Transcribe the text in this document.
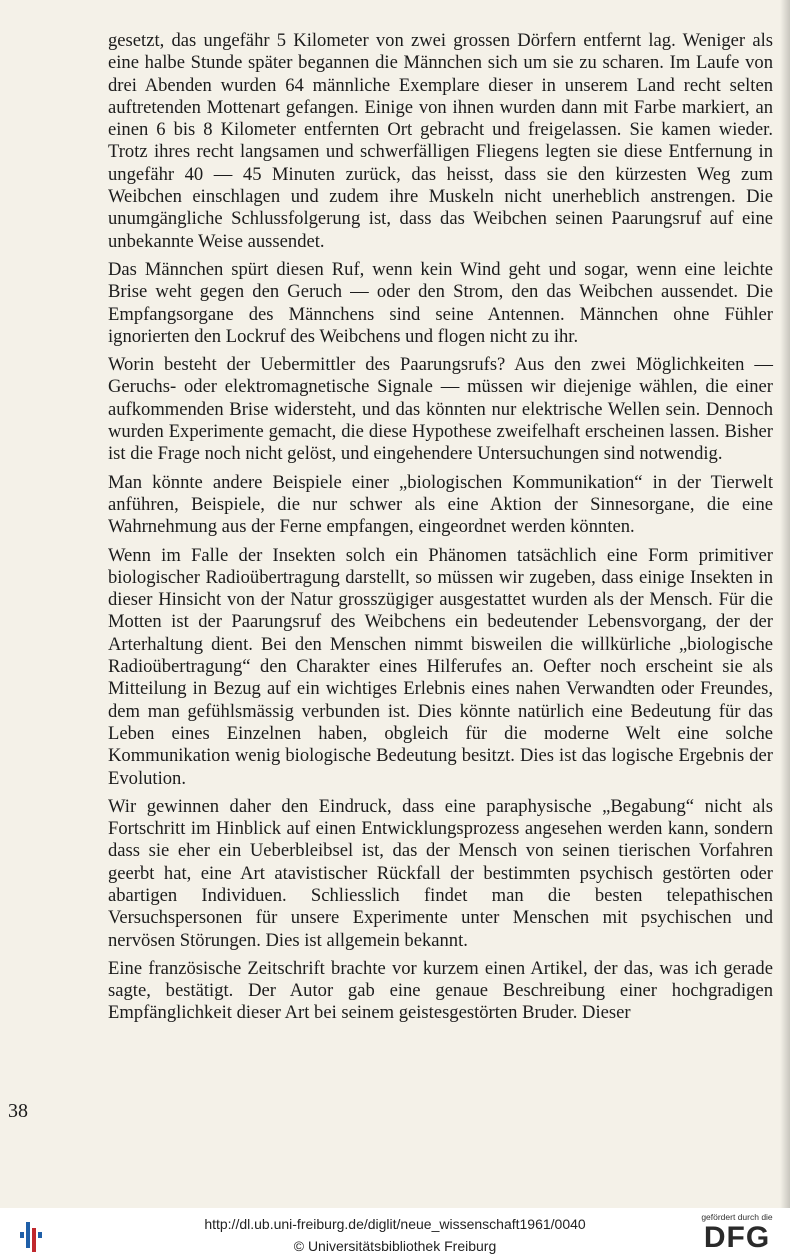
gesetzt, das ungefähr 5 Kilometer von zwei grossen Dörfern entfernt lag. Weniger als eine halbe Stunde später begannen die Männchen sich um sie zu scharen. Im Laufe von drei Abenden wurden 64 männliche Exemplare dieser in unserem Land recht selten auftretenden Mottenart gefangen. Einige von ihnen wurden dann mit Farbe markiert, an einen 6 bis 8 Kilometer entfernten Ort gebracht und freigelassen. Sie kamen wieder. Trotz ihres recht langsamen und schwerfälligen Fliegens legten sie diese Entfernung in ungefähr 40 — 45 Minuten zurück, das heisst, dass sie den kürzesten Weg zum Weibchen einschlagen und zudem ihre Muskeln nicht unerheblich anstrengen. Die unumgängliche Schlussfolgerung ist, dass das Weibchen seinen Paarungsruf auf eine unbekannte Weise aussendet.

Das Männchen spürt diesen Ruf, wenn kein Wind geht und sogar, wenn eine leichte Brise weht gegen den Geruch — oder den Strom, den das Weibchen aussendet. Die Empfangsorgane des Männchens sind seine Antennen. Männchen ohne Fühler ignorierten den Lockruf des Weibchens und flogen nicht zu ihr.

Worin besteht der Uebermittler des Paarungsrufs? Aus den zwei Möglichkeiten — Geruchs- oder elektromagnetische Signale — müssen wir diejenige wählen, die einer aufkommenden Brise widersteht, und das könnten nur elektrische Wellen sein. Dennoch wurden Experimente gemacht, die diese Hypothese zweifelhaft erscheinen lassen. Bisher ist die Frage noch nicht gelöst, und eingehendere Untersuchungen sind notwendig.

Man könnte andere Beispiele einer „biologischen Kommunikation“ in der Tierwelt anführen, Beispiele, die nur schwer als eine Aktion der Sinnesorgane, die eine Wahrnehmung aus der Ferne empfangen, eingeordnet werden könnten.

Wenn im Falle der Insekten solch ein Phänomen tatsächlich eine Form primitiver biologischer Radioübertragung darstellt, so müssen wir zugeben, dass einige Insekten in dieser Hinsicht von der Natur grosszügiger ausgestattet wurden als der Mensch. Für die Motten ist der Paarungsruf des Weibchens ein bedeutender Lebensvorgang, der der Arterhaltung dient. Bei den Menschen nimmt bisweilen die willkürliche „biologische Radioübertragung“ den Charakter eines Hilferufes an. Oefter noch erscheint sie als Mitteilung in Bezug auf ein wichtiges Erlebnis eines nahen Verwandten oder Freundes, dem man gefühlsmässig verbunden ist. Dies könnte natürlich eine Bedeutung für das Leben eines Einzelnen haben, obgleich für die moderne Welt eine solche Kommunikation wenig biologische Bedeutung besitzt. Dies ist das logische Ergebnis der Evolution.

Wir gewinnen daher den Eindruck, dass eine paraphysische „Begabung“ nicht als Fortschritt im Hinblick auf einen Entwicklungsprozess angesehen werden kann, sondern dass sie eher ein Ueberbleibsel ist, das der Mensch von seinen tierischen Vorfahren geerbt hat, eine Art atavistischer Rückfall der bestimmten psychisch gestörten oder abartigen Individuen. Schliesslich findet man die besten telepathischen Versuchspersonen für unsere Experimente unter Menschen mit psychischen und nervösen Störungen. Dies ist allgemein bekannt.

Eine französische Zeitschrift brachte vor kurzem einen Artikel, der das, was ich gerade sagte, bestätigt. Der Autor gab eine genaue Beschreibung einer hochgradigen Empfänglichkeit dieser Art bei seinem geistesgestörten Bruder. Dieser

38
http://dl.ub.uni-freiburg.de/diglit/neue_wissenschaft1961/0040
© Universitätsbibliothek Freiburg
gefördert durch die
DFG
